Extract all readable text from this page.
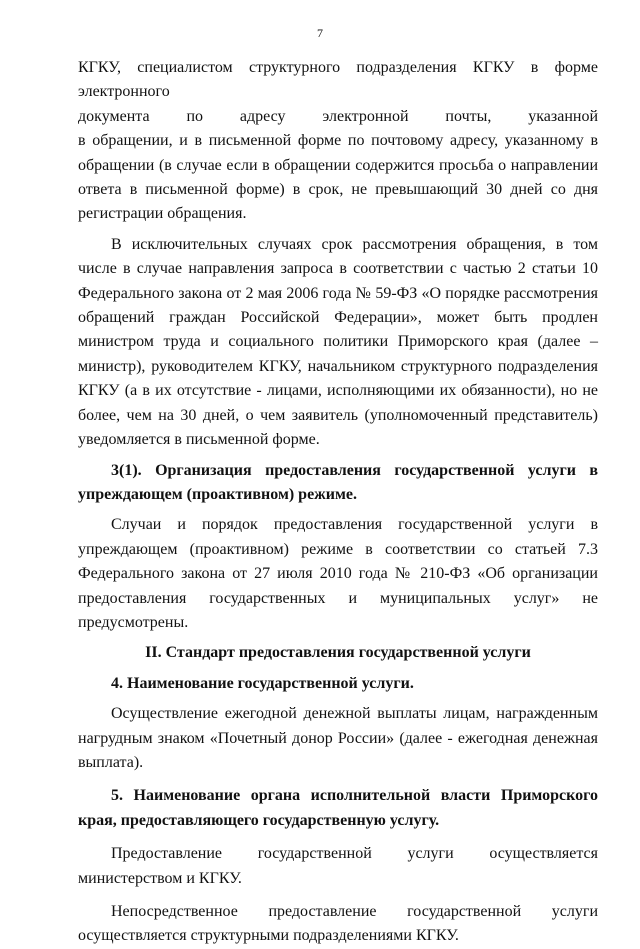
7

КГКУ, специалистом структурного подразделения КГКУ в форме электронного

документа по адресу электронной почты, указанной

в обращении, и в письменной форме по почтовому адресу, указанному в обращении (в случае если в обращении содержится просьба о направлении ответа в письменной форме) в срок, не превышающий 30 дней со дня регистрации обращения.

В исключительных случаях срок рассмотрения обращения, в том числе в случае направления запроса в соответствии с частью 2 статьи 10 Федерального закона от 2 мая 2006 года № 59-ФЗ «О порядке рассмотрения обращений граждан Российской Федерации», может быть продлен министром труда и социального политики Приморского края (далее – министр), руководителем КГКУ, начальником структурного подразделения КГКУ (а в их отсутствие - лицами, исполняющими их обязанности), но не более, чем на 30 дней, о чем заявитель (уполномоченный представитель) уведомляется в письменной форме.

3(1). Организация предоставления государственной услуги в упреждающем (проактивном) режиме.

Случаи и порядок предоставления государственной услуги в упреждающем (проактивном) режиме в соответствии со статьей 7.3 Федерального закона от 27 июля 2010 года № 210-ФЗ «Об организации предоставления государственных и муниципальных услуг» не предусмотрены.

II. Стандарт предоставления государственной услуги

4. Наименование государственной услуги.

Осуществление ежегодной денежной выплаты лицам, награжденным нагрудным знаком «Почетный донор России» (далее - ежегодная денежная выплата).

5. Наименование органа исполнительной власти Приморского края, предоставляющего государственную услугу.

Предоставление государственной услуги осуществляется министерством и КГКУ.

Непосредственное предоставление государственной услуги осуществляется структурными подразделениями КГКУ.
